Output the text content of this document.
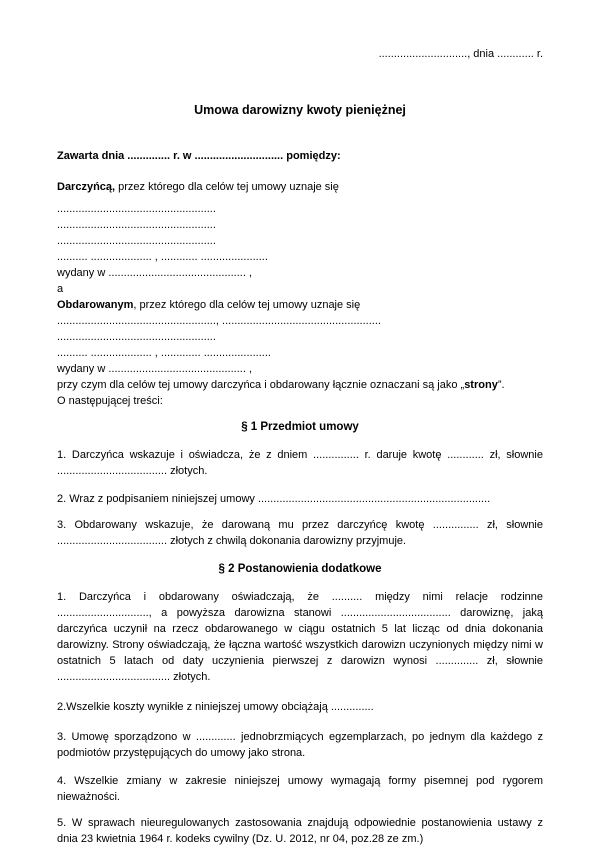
............................., dnia ............ r.

Umowa darowizny kwoty pieniężnej

Zawarta dnia .............. r. w ............................. pomiędzy:

Darczyńcą, przez którego dla celów tej umowy uznaje się

....................................................

....................................................

....................................................

.......... .................... , ............ ......................

wydany w ............................................. ,

a

Obdarowanym, przez którego dla celów tej umowy uznaje się

...................................................., ....................................................

....................................................

.......... .................... , ............. ......................

wydany w ............................................. ,

przy czym dla celów tej umowy darczyńca i obdarowany łącznie oznaczani są jako „strony”.

O następującej treści:

§ 1 Przedmiot umowy

1. Darczyńca wskazuje i oświadcza, że z dniem ............... r. daruje kwotę ............ zł, słownie .................................... złotych.

2. Wraz z podpisaniem niniejszej umowy ............................................................................

3. Obdarowany wskazuje, że darowaną mu przez darczyńcę kwotę ............... zł, słownie .................................... złotych z chwilą dokonania darowizny przyjmuje.

§ 2 Postanowienia dodatkowe

1. Darczyńca i obdarowany oświadczają, że .......... między nimi relacje rodzinne .............................., a powyższa darowizna stanowi .................................... darowiznę, jaką darczyńca uczynił na rzecz obdarowanego w ciągu ostatnich 5 lat licząc od dnia dokonania darowizny. Strony oświadczają, że łączna wartość wszystkich darowizn uczynionych między nimi w ostatnich 5 latach od daty uczynienia pierwszej z darowizn wynosi .............. zł, słownie ..................................... złotych.

2.Wszelkie koszty wynikłe z niniejszej umowy obciążają ..............

3. Umowę sporządzono w ............. jednobrzmiących egzemplarzach, po jednym dla każdego z podmiotów przystępujących do umowy jako strona.

4. Wszelkie zmiany w zakresie niniejszej umowy wymagają formy pisemnej pod rygorem nieważności.

5. W sprawach nieuregulowanych zastosowania znajdują odpowiednie postanowienia ustawy z dnia 23 kwietnia 1964 r. kodeks cywilny (Dz. U. 2012, nr 04, poz.28 ze zm.)
